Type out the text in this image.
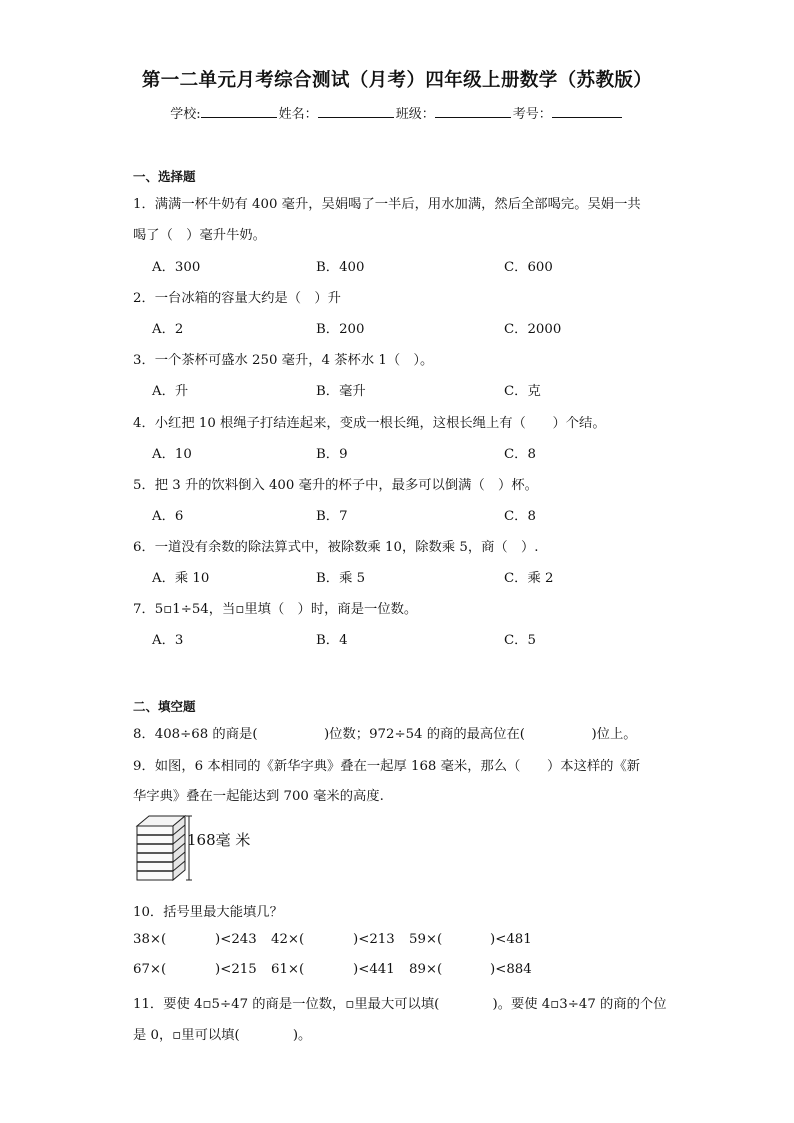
第一二单元月考综合测试（月考）四年级上册数学（苏教版）
学校:	姓名：	班级：	考号：
一、选择题
1．满满一杯牛奶有 400 毫升，吴娟喝了一半后，用水加满，然后全部喝完。吴娟一共
喝了（　）毫升牛奶。
A．300	B．400	C．600
2．一台冰箱的容量大约是（　）升
A．2	B．200	C．2000
3．一个茶杯可盛水 250 毫升，4 茶杯水 1（　）。
A．升	B．毫升	C．克
4．小红把 10 根绳子打结连起来，变成一根长绳，这根长绳上有（　　）个结。
A．10	B．9	C．8
5．把 3 升的饮料倒入 400 毫升的杯子中，最多可以倒满（　）杯。
A．6	B．7	C．8
6．一道没有余数的除法算式中，被除数乘 10，除数乘 5，商（　）.
A．乘 10	B．乘 5	C．乘 2
7．5▫1÷54，当▫里填（　）时，商是一位数。
A．3	B．4	C．5
二、填空题
8．408÷68 的商是(　　　　　)位数；972÷54 的商的最高位在(　　　　　)位上。
9．如图，6 本相同的《新华字典》叠在一起厚 168 毫米，那么（　　）本这样的《新
华字典》叠在一起能达到 700 毫米的高度.
168毫 米
10．括号里最大能填几？
38×(	)<243 42×(	)<213 59×(	)<481
67×(	)<215 61×(	)<441 89×(	)<884
11．要使 4▫5÷47 的商是一位数，▫里最大可以填(　　　　)。要使 4▫3÷47 的商的个位
是 0，▫里可以填(　　　　)。
